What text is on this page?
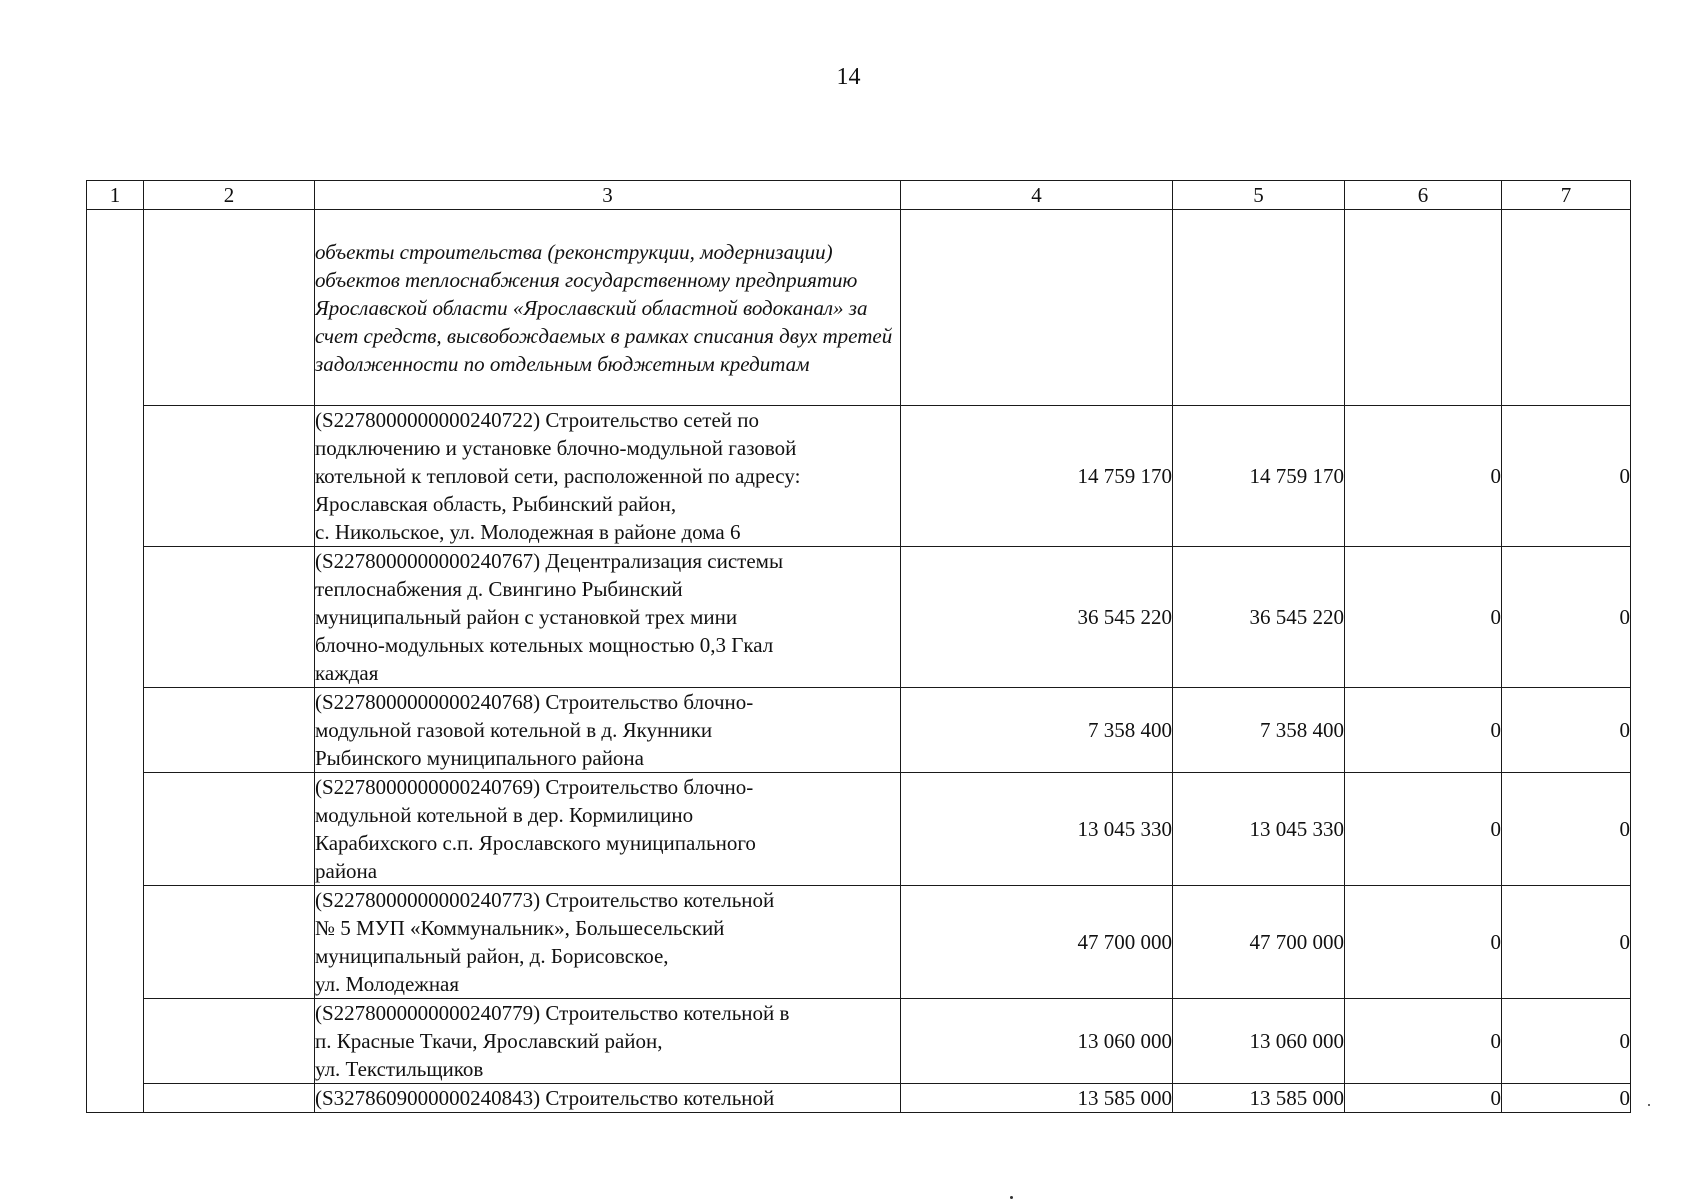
14
1	2	3	4	5	6	7
		объекты строительства (реконструкции, модернизации) объектов теплоснабжения государственному предприятию Ярославской области «Ярославский областной водоканал» за счет средств, высвобождаемых в рамках списания двух третей задолженности по отдельным бюджетным кредитам				

		(S2278000000000240722) Строительство сетей по
подключению и установке блочно-модульной газовой
котельной к тепловой сети, расположенной по адресу:
Ярославская область, Рыбинский район,
с. Никольское, ул. Молодежная в районе дома 6	14 759 170	14 759 170	0	0

		(S2278000000000240767) Децентрализация системы
теплоснабжения д. Свингино Рыбинский
муниципальный район с установкой трех мини
блочно-модульных котельных мощностью 0,3 Гкал
каждая	36 545 220	36 545 220	0	0

		(S2278000000000240768) Строительство блочно-
модульной газовой котельной в д. Якунники
Рыбинского муниципального района	7 358 400	7 358 400	0	0

		(S2278000000000240769) Строительство блочно-
модульной котельной в дер. Кормилицино
Карабихского с.п. Ярославского муниципального
района	13 045 330	13 045 330	0	0

		(S2278000000000240773) Строительство котельной
№ 5 МУП «Коммунальник», Большесельский
муниципальный район, д. Борисовское,
ул. Молодежная	47 700 000	47 700 000	0	0

		(S2278000000000240779) Строительство котельной в
п. Красные Ткачи, Ярославский район,
ул. Текстильщиков	13 060 000	13 060 000	0	0

		(S3278609000000240843) Строительство котельной	13 585 000	13 585 000	0	0
